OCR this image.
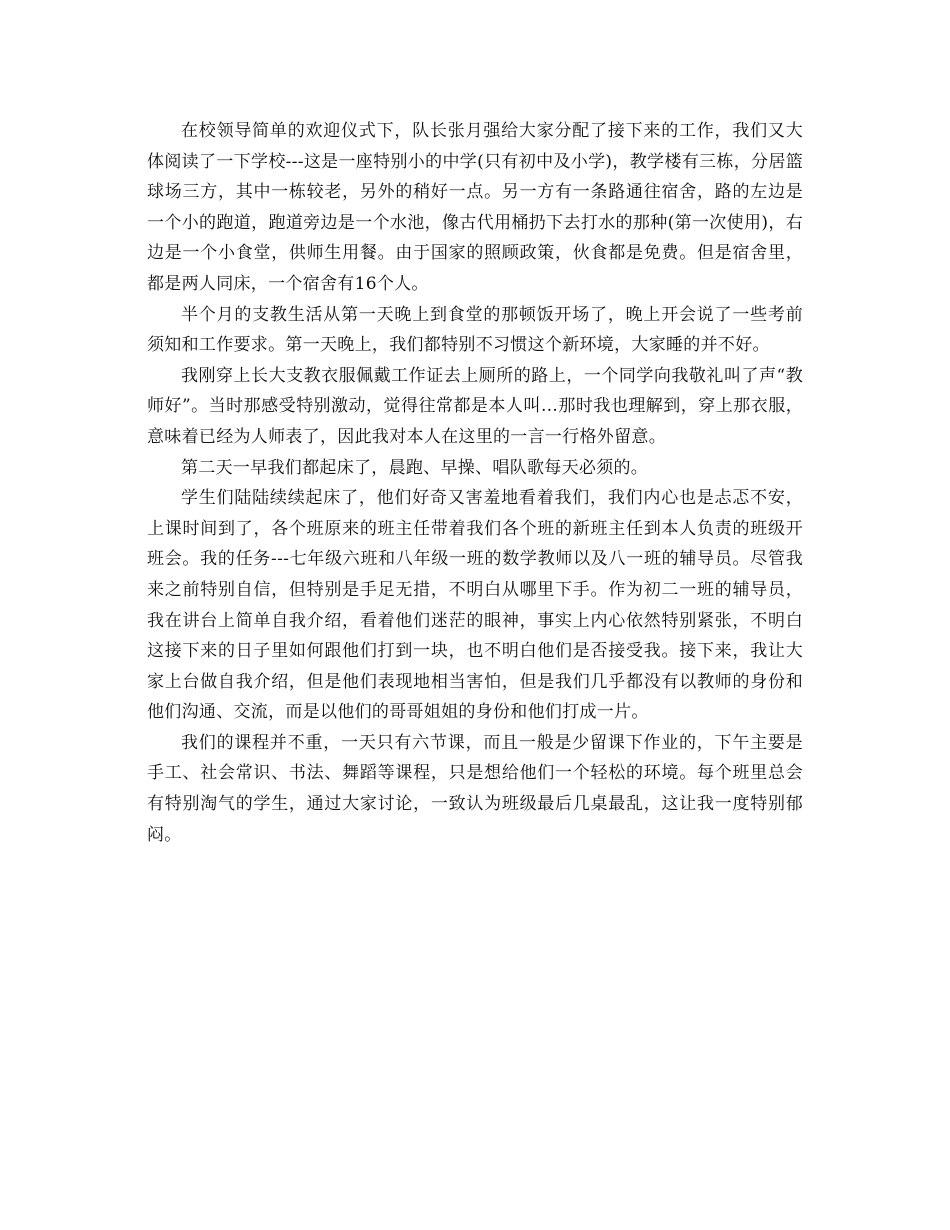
在校领导简单的欢迎仪式下，队长张月强给大家分配了接下来的工作，我们又大体阅读了一下学校---这是一座特别小的中学(只有初中及小学)，教学楼有三栋，分居篮球场三方，其中一栋较老，另外的稍好一点。另一方有一条路通往宿舍，路的左边是一个小的跑道，跑道旁边是一个水池，像古代用桶扔下去打水的那种(第一次使用)，右边是一个小食堂，供师生用餐。由于国家的照顾政策，伙食都是免费。但是宿舍里，都是两人同床，一个宿舍有16个人。

半个月的支教生活从第一天晚上到食堂的那顿饭开场了，晚上开会说了一些考前须知和工作要求。第一天晚上，我们都特别不习惯这个新环境，大家睡的并不好。

我刚穿上长大支教衣服佩戴工作证去上厕所的路上，一个同学向我敬礼叫了声“教师好”。当时那感受特别激动，觉得往常都是本人叫…那时我也理解到，穿上那衣服，意味着已经为人师表了，因此我对本人在这里的一言一行格外留意。

第二天一早我们都起床了，晨跑、早操、唱队歌每天必须的。

学生们陆陆续续起床了，他们好奇又害羞地看着我们，我们内心也是忐忑不安，上课时间到了，各个班原来的班主任带着我们各个班的新班主任到本人负责的班级开班会。我的任务---七年级六班和八年级一班的数学教师以及八一班的辅导员。尽管我来之前特别自信，但特别是手足无措，不明白从哪里下手。作为初二一班的辅导员，我在讲台上简单自我介绍，看着他们迷茫的眼神，事实上内心依然特别紧张，不明白这接下来的日子里如何跟他们打到一块，也不明白他们是否接受我。接下来，我让大家上台做自我介绍，但是他们表现地相当害怕，但是我们几乎都没有以教师的身份和他们沟通、交流，而是以他们的哥哥姐姐的身份和他们打成一片。

我们的课程并不重，一天只有六节课，而且一般是少留课下作业的，下午主要是手工、社会常识、书法、舞蹈等课程，只是想给他们一个轻松的环境。每个班里总会有特别淘气的学生，通过大家讨论，一致认为班级最后几桌最乱，这让我一度特别郁闷。
